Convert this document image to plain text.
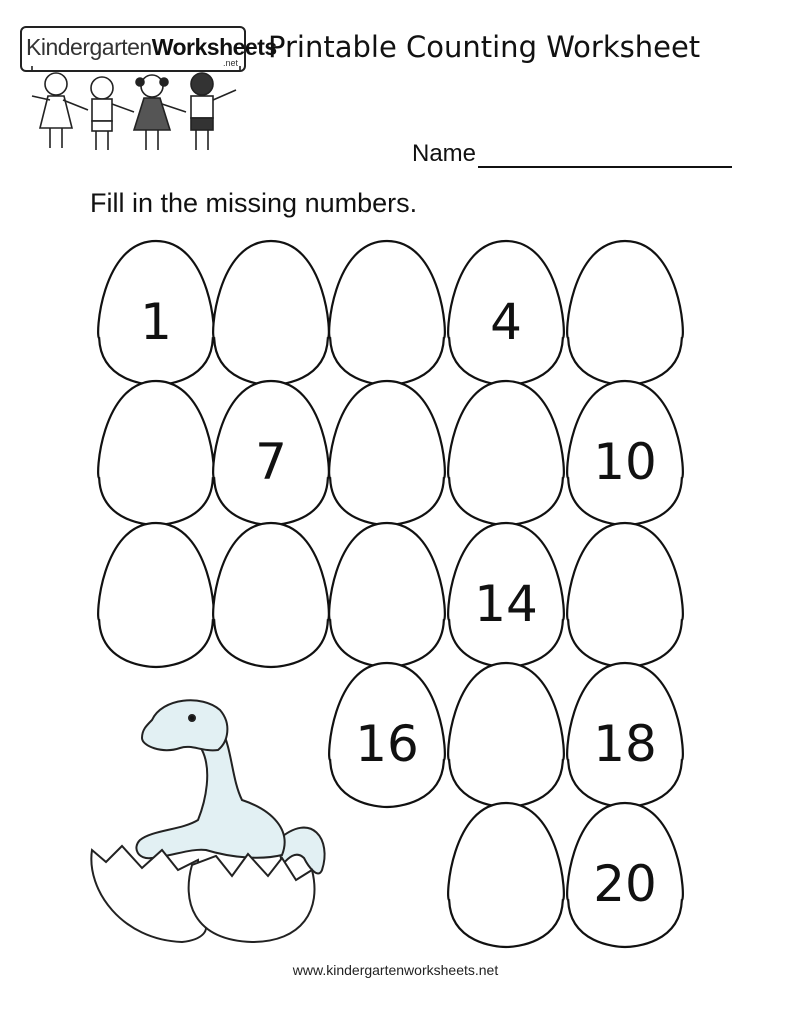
KindergartenWorksheets
.net Printable Counting Worksheet
Name
Fill in the missing numbers.
1	4
7	10
14
16	18
20
www.kindergartenworksheets.net
